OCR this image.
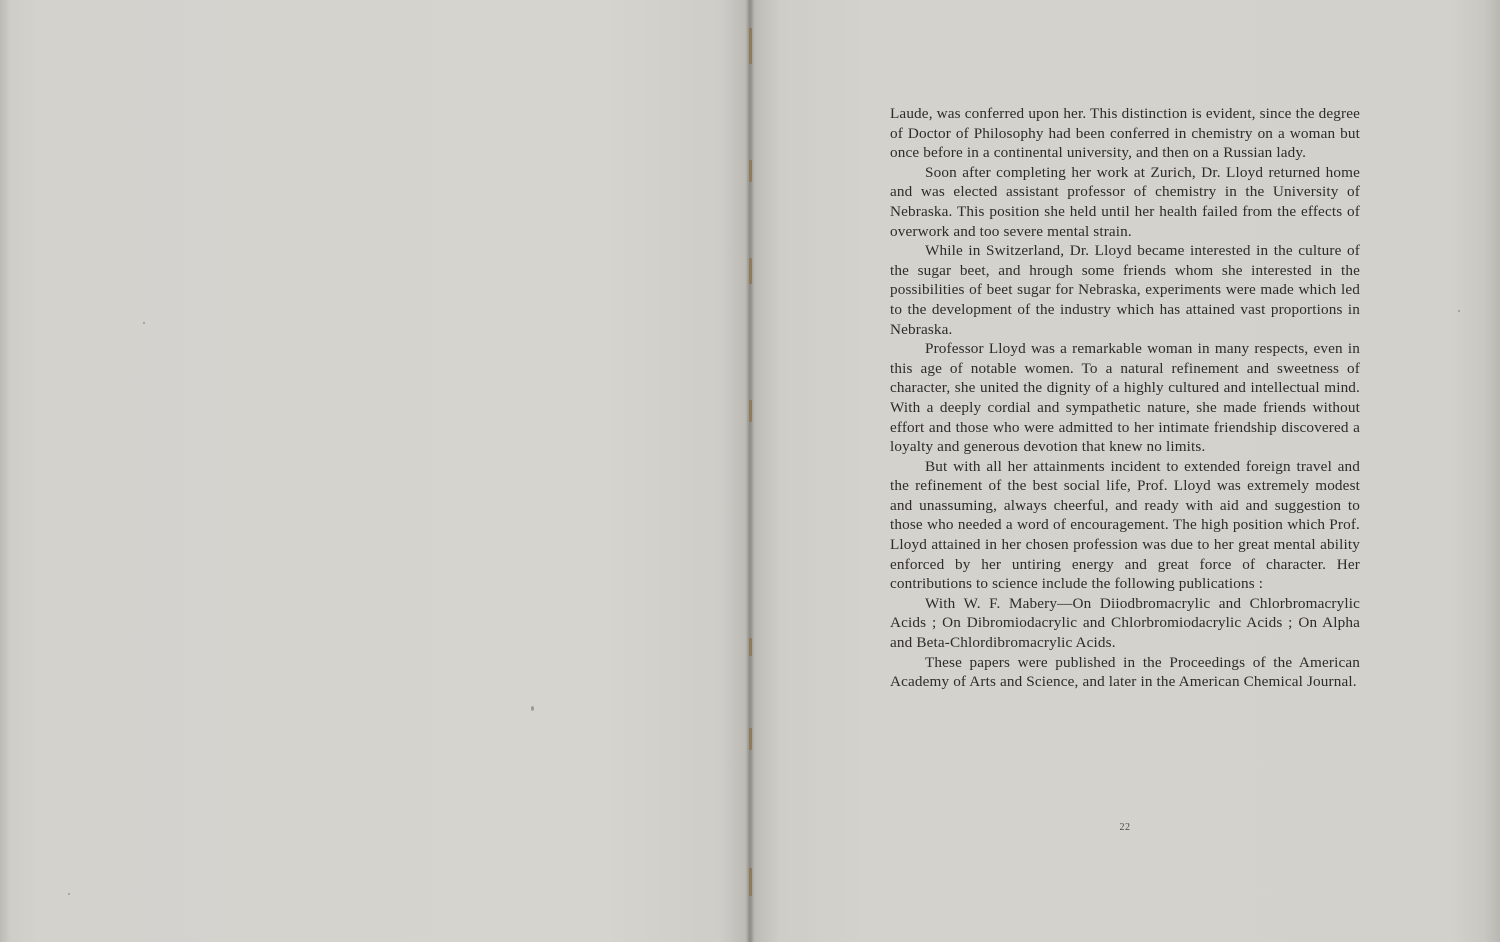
Laude, was conferred upon her. This distinction is evident, since the degree of Doctor of Philosophy had been conferred in chemistry on a woman but once before in a continental university, and then on a Russian lady.

Soon after completing her work at Zurich, Dr. Lloyd returned home and was elected assistant professor of chemistry in the University of Nebraska. This position she held until her health failed from the effects of overwork and too severe mental strain.

While in Switzerland, Dr. Lloyd became interested in the culture of the sugar beet, and hrough some friends whom she interested in the possibilities of beet sugar for Nebraska, experiments were made which led to the development of the industry which has attained vast proportions in Nebraska.

Professor Lloyd was a remarkable woman in many respects, even in this age of notable women. To a natural refinement and sweetness of character, she united the dignity of a highly cultured and intellectual mind. With a deeply cordial and sympathetic nature, she made friends without effort and those who were admitted to her intimate friendship discovered a loyalty and generous devotion that knew no limits.

But with all her attainments incident to extended foreign travel and the refinement of the best social life, Prof. Lloyd was extremely modest and unassuming, always cheerful, and ready with aid and suggestion to those who needed a word of encouragement. The high position which Prof. Lloyd attained in her chosen profession was due to her great mental ability enforced by her untiring energy and great force of character. Her contributions to science include the following publications :

With W. F. Mabery—On Diiodbromacrylic and Chlorbromacrylic Acids ; On Dibromiodacrylic and Chlorbromiodacrylic Acids ; On Alpha and Beta-Chlordibromacrylic Acids.

These papers were published in the Proceedings of the American Academy of Arts and Science, and later in the American Chemical Journal.

22
